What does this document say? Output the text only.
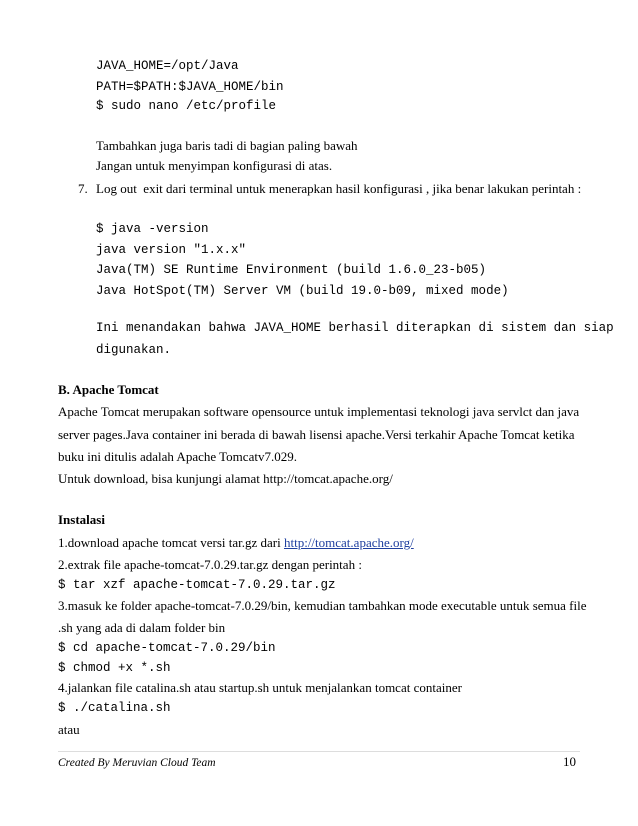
JAVA_HOME=/opt/Java
PATH=$PATH:$JAVA_HOME/bin
$ sudo nano /etc/profile
Tambahkan juga baris tadi di bagian paling bawah
Jangan untuk menyimpan konfigurasi di atas.
7. Log out  exit dari terminal untuk menerapkan hasil konfigurasi , jika benar lakukan perintah :
$ java -version
java version "1.x.x"
Java(TM) SE Runtime Environment (build 1.6.0_23-b05)
Java HotSpot(TM) Server VM (build 19.0-b09, mixed mode)
Ini menandakan bahwa JAVA_HOME berhasil diterapkan di sistem dan siap
digunakan.
B. Apache Tomcat
Apache Tomcat merupakan software opensource untuk implementasi teknologi java servlct dan java
server pages.Java container ini berada di bawah lisensi apache.Versi terkahir Apache Tomcat ketika
buku ini ditulis adalah Apache Tomcatv7.029.
Untuk download, bisa kunjungi alamat http://tomcat.apache.org/
Instalasi
1.download apache tomcat versi tar.gz dari http://tomcat.apache.org/
2.extrak file apache-tomcat-7.0.29.tar.gz dengan perintah :
$ tar xzf apache-tomcat-7.0.29.tar.gz
3.masuk ke folder apache-tomcat-7.0.29/bin, kemudian tambahkan mode executable untuk semua file
.sh yang ada di dalam folder bin
$ cd apache-tomcat-7.0.29/bin
$ chmod +x *.sh
4.jalankan file catalina.sh atau startup.sh untuk menjalankan tomcat container
$ ./catalina.sh
atau
Created By Meruvian Cloud Team	10
